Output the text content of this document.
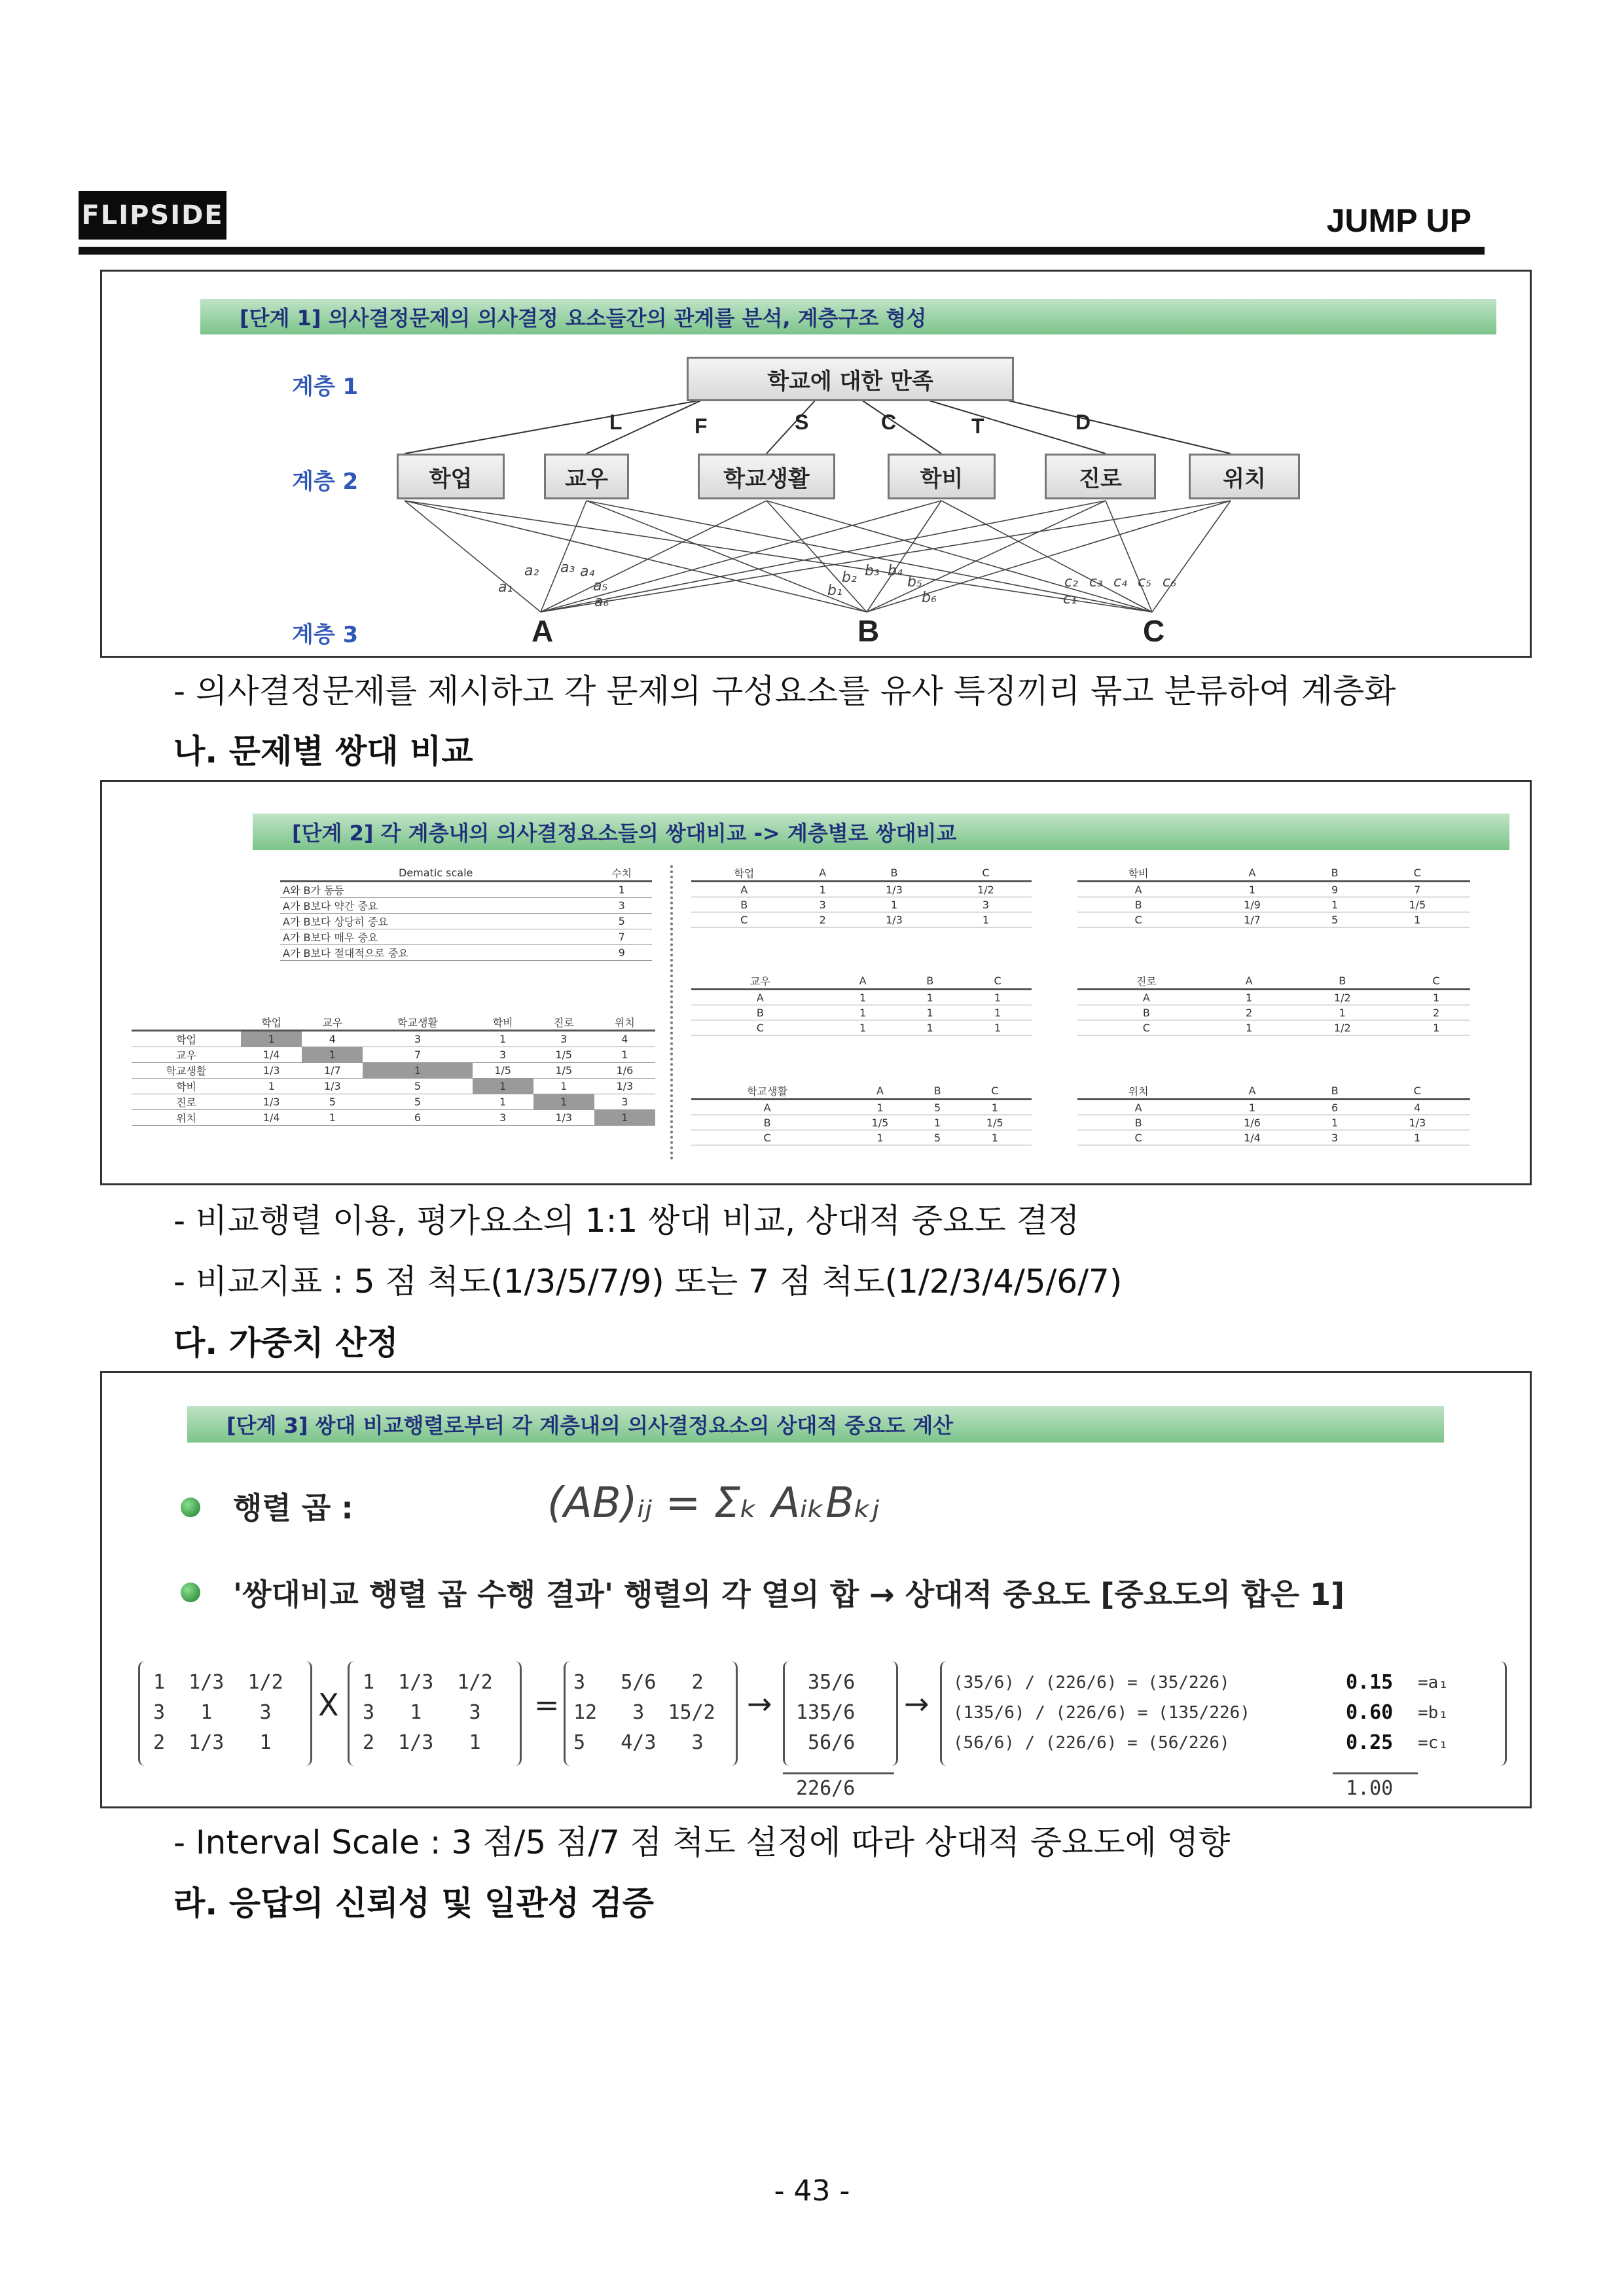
FLIPSIDE	JUMP UP
[단계 1] 의사결정문제의 의사결정 요소들간의 관계를 분석, 계층구조 형성
계층 1
계층 2
계층 3
학교에 대한 만족
L	F	S	C	T	D
학업	교우	학교생활	학비	진로	위치
a₁
a₂ a₃ a₄
a₅
a₆
b₁
b₂ b₃ b₄
b₅
b₆	c₁
c₂ c₃ c₄ c₅ c₆
A	B	C
- 의사결정문제를 제시하고 각 문제의 구성요소를 유사 특징끼리 묶고 분류하여 계층화
나. 문제별 쌍대 비교
[단계 2] 각 계층내의 의사결정요소들의 쌍대비교 -> 계층별로 쌍대비교
Dematic scale	수치
A와 B가 동등	1
A가 B보다 약간 중요	3
A가 B보다 상당히 중요	5
A가 B보다 매우 중요	7
A가 B보다 절대적으로 중요	9
	학업	교우	학교생활	학비	진로	위치
학업	1	4	3	1	3	4
교우	1/4	1	7	3	1/5	1
학교생활	1/3	1/7	1	1/5	1/5	1/6
학비	1	1/3	5	1	1	1/3
진로	1/3	5	5	1	1	3
위치	1/4	1	6	3	1/3	1
학업	A	B	C
A	1	1/3	1/2
B	3	1	3
C	2	1/3	1
학비	A	B	C
A	1	9	7
B	1/9	1	1/5
C	1/7	5	1
교우	A	B	C
A	1	1	1
B	1	1	1
C	1	1	1
진로	A	B	C
A	1	1/2	1
B	2	1	2
C	1	1/2	1
학교생활	A	B	C
A	1	5	1
B	1/5	1	1/5
C	1	5	1
위치	A	B	C
A	1	6	4
B	1/6	1	1/3
C	1/4	3	1
- 비교행렬 이용, 평가요소의 1:1 쌍대 비교, 상대적 중요도 결정
- 비교지표 : 5 점 척도(1/3/5/7/9) 또는 7 점 척도(1/2/3/4/5/6/7)
다. 가중치 산정
[단계 3] 쌍대 비교행렬로부터 각 계층내의 의사결정요소의 상대적 중요도 계산
행렬 곱 :	(AB)ᵢⱼ = Σₖ AᵢₖBₖⱼ
'쌍대비교 행렬 곱 수행 결과' 행렬의 각 열의 합 → 상대적 중요도 [중요도의 합은 1]
1  1/3  1/2
3   1    3
2  1/3   1
X
1  1/3  1/2
3   1    3
2  1/3   1
=
3   5/6   2
12   3  15/2
5   4/3   3
→
35/6
135/6
56/6
226/6
→
(35/6) / (226/6) = (35/226)	0.15 =a₁
(135/6) / (226/6) = (135/226)	0.60 =b₁
(56/6) / (226/6) = (56/226)	0.25 =c₁
1.00
- Interval Scale : 3 점/5 점/7 점 척도 설정에 따라 상대적 중요도에 영향
라. 응답의 신뢰성 및 일관성 검증
- 43 -
